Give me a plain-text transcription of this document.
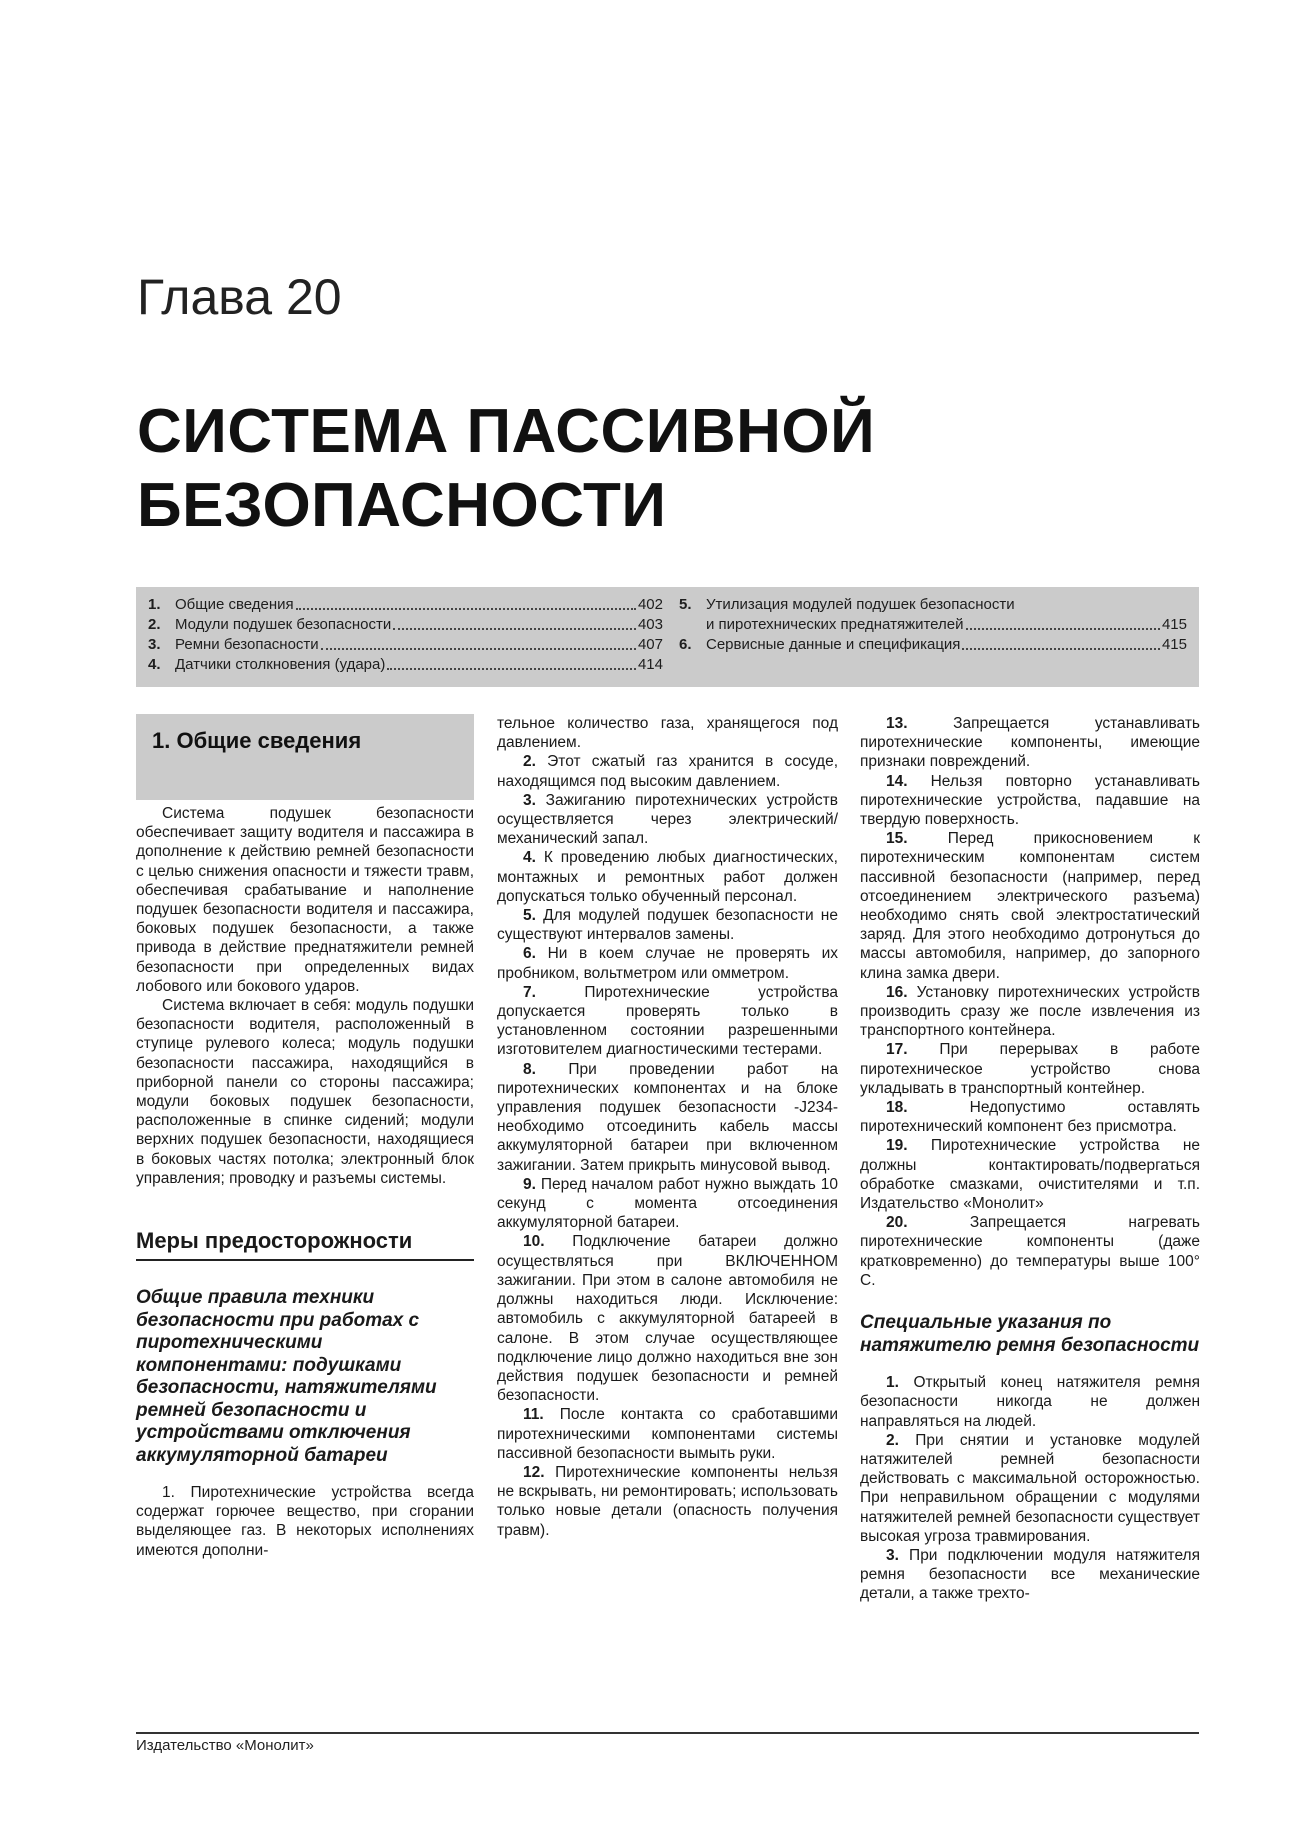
Глава 20
СИСТЕМА ПАССИВНОЙ
БЕЗОПАСНОСТИ
1. Общие сведения	402
2. Модули подушек безопасности	403
3. Ремни безопасности	407
4. Датчики столкновения (удара)	414
5. Утилизация модулей подушек безопасности
и пиротехнических преднатяжителей	415
6. Сервисные данные и спецификация	415
1. Общие сведения

Система подушек безопасности обеспечивает защиту водителя и пассажира в дополнение к действию ремней безопасности с целью снижения опасности и тяжести травм, обеспечивая срабатывание и наполнение подушек безопасности водителя и пассажира, боковых подушек безопасности, а также привода в действие преднатяжители ремней безопасности при определенных видах лобового или бокового ударов.

Система включает в себя: модуль подушки безопасности водителя, расположенный в ступице рулевого колеса; модуль подушки безопасности пассажира, находящийся в приборной панели со стороны пассажира; модули боковых подушек безопасности, расположенные в спинке сидений; модули верхних подушек безопасности, находящиеся в боковых частях потолка; электронный блок управления; проводку и разъемы системы.

Меры предосторожности
Общие правила техники безопасности при работах с пиротехническими компонентами: подушками безопасности, натяжителями ремней безопасности и устройствами отключения аккумуляторной батареи

1. Пиротехнические устройства всегда содержат горючее вещество, при сгорании выделяющее газ. В некоторых исполнениях имеются дополни-

тельное количество газа, хранящегося под давлением.

2. Этот сжатый газ хранится в сосуде, находящимся под высоким давлением.

3. Зажиганию пиротехнических устройств осуществляется через электрический/механический запал.

4. К проведению любых диагностических, монтажных и ремонтных работ должен допускаться только обученный персонал.

5. Для модулей подушек безопасности не существуют интервалов замены.

6. Ни в коем случае не проверять их пробником, вольтметром или омметром.

7.	Пиротехнические устройства допускается проверять только в установленном состоянии разрешенными изготовителем диагностическими тестерами.

8. При проведении работ на пиротехнических компонентах и на блоке управления подушек безопасности -J234- необходимо отсоединить кабель массы аккумуляторной батареи при включенном зажигании. Затем прикрыть минусовой вывод.

9. Перед началом работ нужно выждать 10 секунд с момента отсоединения аккумуляторной батареи.

10. Подключение батареи должно осуществляться при ВКЛЮЧЕННОМ зажигании. При этом в салоне автомобиля не должны находиться люди. Исключение: автомобиль с аккумуляторной батареей в салоне. В этом случае осуществляющее подключение лицо должно находиться вне зон действия подушек безопасности и ремней безопасности.

11. После контакта со сработавшими пиротехническими компонентами системы пассивной безопасности вымыть руки.

12. Пиротехнические компоненты нельзя не вскрывать, ни ремонтировать; использовать только новые детали (опасность получения травм).

13.	Запрещается устанавливать пиротехнические компоненты, имеющие признаки повреждений.

14. Нельзя повторно устанавливать пиротехнические устройства, падавшие на твердую поверхность.

15.	Перед прикосновением к пиротехническим компонентам систем пассивной безопасности (например, перед отсоединением электрического разъема) необходимо снять свой электростатический заряд. Для этого необходимо дотронуться до массы автомобиля, например, до запорного клина замка двери.

16. Установку пиротехнических устройств производить сразу же после извлечения из транспортного контейнера.

17. При перерывах в работе пиротехническое устройство снова укладывать в транспортный контейнер.

18.	Недопустимо оставлять пиротехнический компонент без присмотра.

19. Пиротехнические устройства не должны контактировать/подвергаться обработке смазками, очистителями и т.п. Издательство «Монолит»

20.	Запрещается нагревать пиротехнические компоненты (даже кратковременно) до температуры выше 100° С.

Специальные указания по натяжителю ремня безопасности

1. Открытый конец натяжителя ремня безопасности никогда не должен направляться на людей.

2. При снятии и установке модулей натяжителей ремней безопасности действовать с максимальной осторожностью. При неправильном обращении с модулями натяжителей ремней безопасности существует высокая угроза травмирования.

3. При подключении модуля натяжителя ремня безопасности все механические детали, а также трехто-

Издательство «Монолит»
